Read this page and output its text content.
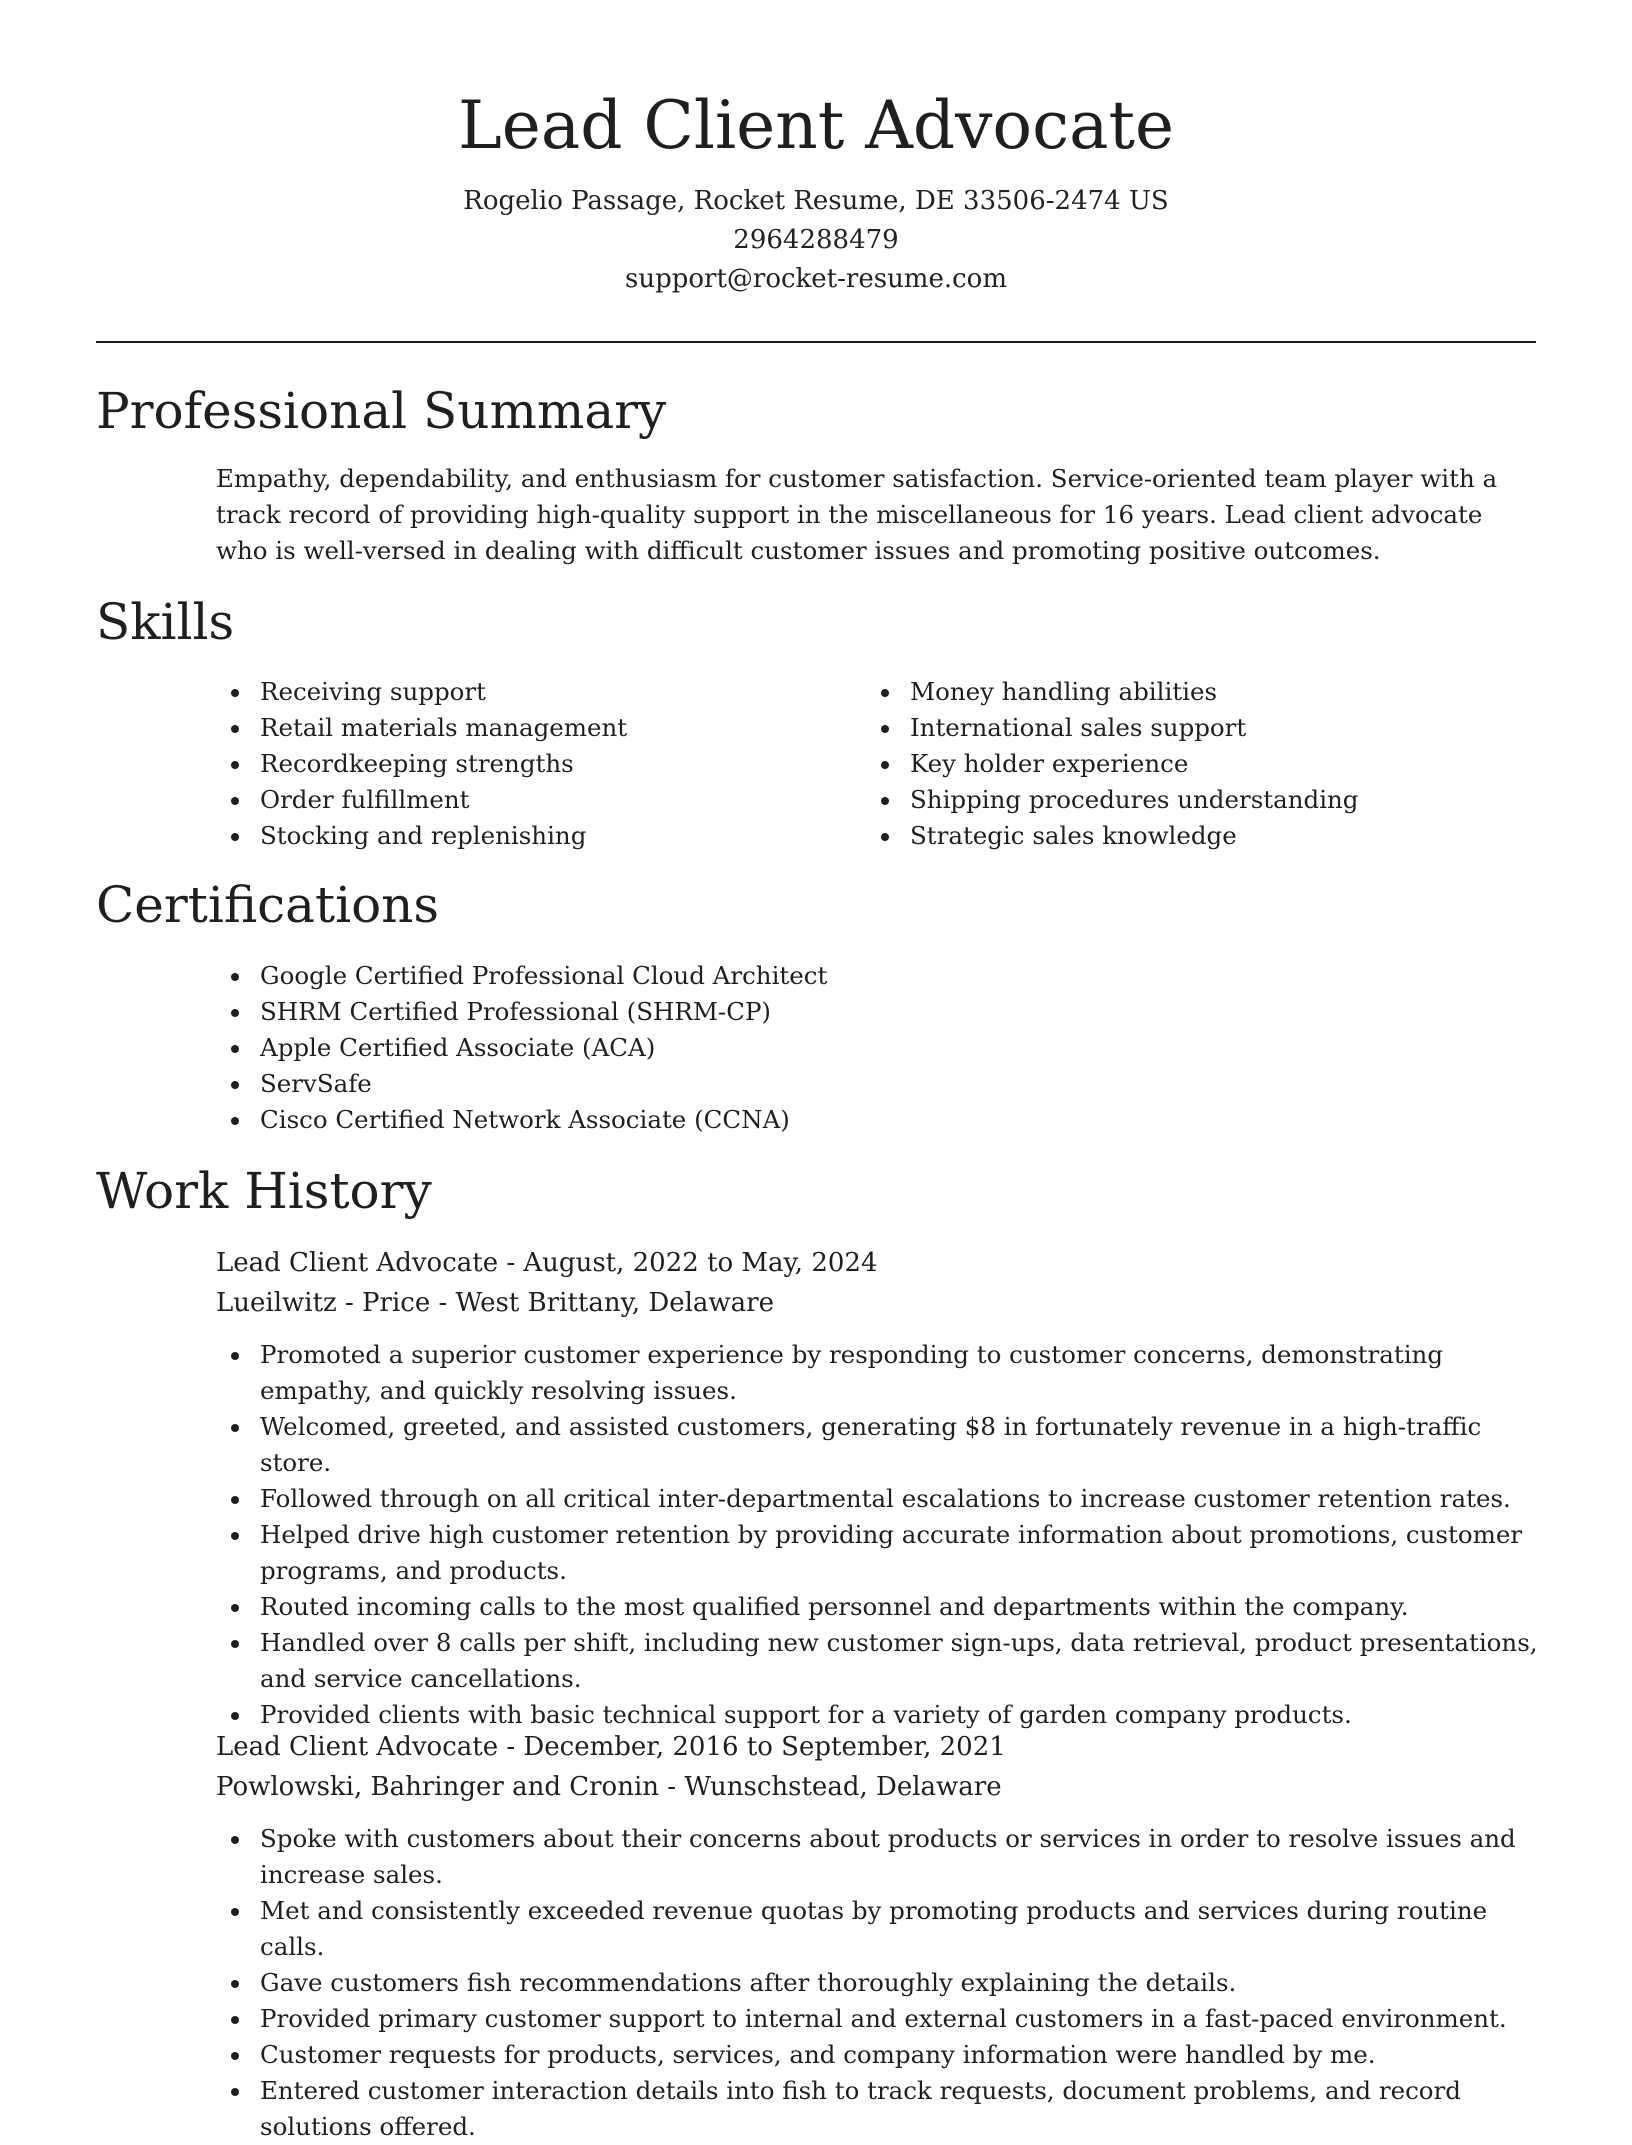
Lead Client Advocate
Rogelio Passage, Rocket Resume, DE 33506-2474 US
2964288479
support@rocket-resume.com
Professional Summary
Empathy, dependability, and enthusiasm for customer satisfaction. Service-oriented team player with a track record of providing high-quality support in the miscellaneous for 16 years. Lead client advocate who is well-versed in dealing with difficult customer issues and promoting positive outcomes.
Skills
Receiving support
Retail materials management
Recordkeeping strengths
Order fulfillment
Stocking and replenishing
Money handling abilities
International sales support
Key holder experience
Shipping procedures understanding
Strategic sales knowledge
Certifications
Google Certified Professional Cloud Architect
SHRM Certified Professional (SHRM-CP)
Apple Certified Associate (ACA)
ServSafe
Cisco Certified Network Associate (CCNA)
Work History
Lead Client Advocate - August, 2022 to May, 2024
Lueilwitz - Price - West Brittany, Delaware
Promoted a superior customer experience by responding to customer concerns, demonstrating empathy, and quickly resolving issues.
Welcomed, greeted, and assisted customers, generating $8 in fortunately revenue in a high-traffic store.
Followed through on all critical inter-departmental escalations to increase customer retention rates.
Helped drive high customer retention by providing accurate information about promotions, customer programs, and products.
Routed incoming calls to the most qualified personnel and departments within the company.
Handled over 8 calls per shift, including new customer sign-ups, data retrieval, product presentations, and service cancellations.
Provided clients with basic technical support for a variety of garden company products.
Lead Client Advocate - December, 2016 to September, 2021
Powlowski, Bahringer and Cronin - Wunschstead, Delaware
Spoke with customers about their concerns about products or services in order to resolve issues and increase sales.
Met and consistently exceeded revenue quotas by promoting products and services during routine calls.
Gave customers fish recommendations after thoroughly explaining the details.
Provided primary customer support to internal and external customers in a fast-paced environment.
Customer requests for products, services, and company information were handled by me.
Entered customer interaction details into fish to track requests, document problems, and record solutions offered.
